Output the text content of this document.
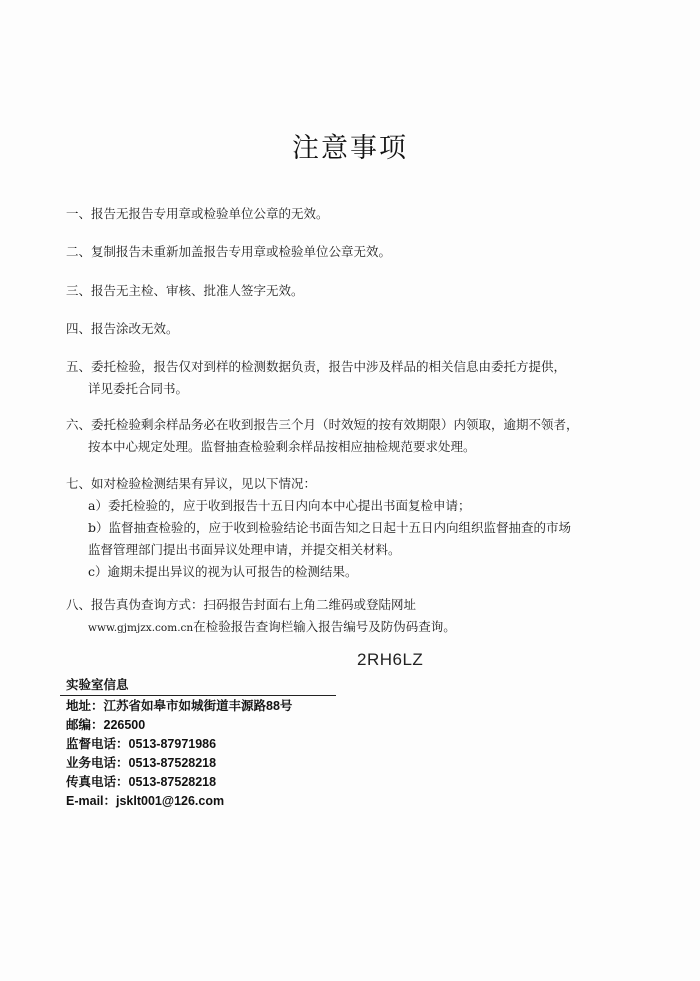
注意事项
一、报告无报告专用章或检验单位公章的无效。
二、复制报告未重新加盖报告专用章或检验单位公章无效。
三、报告无主检、审核、批准人签字无效。
四、报告涂改无效。
五、委托检验，报告仅对到样的检测数据负责，报告中涉及样品的相关信息由委托方提供，
详见委托合同书。
六、委托检验剩余样品务必在收到报告三个月（时效短的按有效期限）内领取，逾期不领者，
按本中心规定处理。监督抽查检验剩余样品按相应抽检规范要求处理。
七、如对检验检测结果有异议，见以下情况：
a）委托检验的，应于收到报告十五日内向本中心提出书面复检申请；
b）监督抽查检验的，应于收到检验结论书面告知之日起十五日内向组织监督抽查的市场
监督管理部门提出书面异议处理申请，并提交相关材料。
c）逾期未提出异议的视为认可报告的检测结果。
八、报告真伪查询方式：扫码报告封面右上角二维码或登陆网址
www.gjmjzx.com.cn在检验报告查询栏输入报告编号及防伪码查询。
2RH6LZ
实验室信息
地址：江苏省如皋市如城街道丰源路88号
邮编：226500
监督电话：0513-87971986
业务电话：0513-87528218
传真电话：0513-87528218
E-mail：jsklt001@126.com
